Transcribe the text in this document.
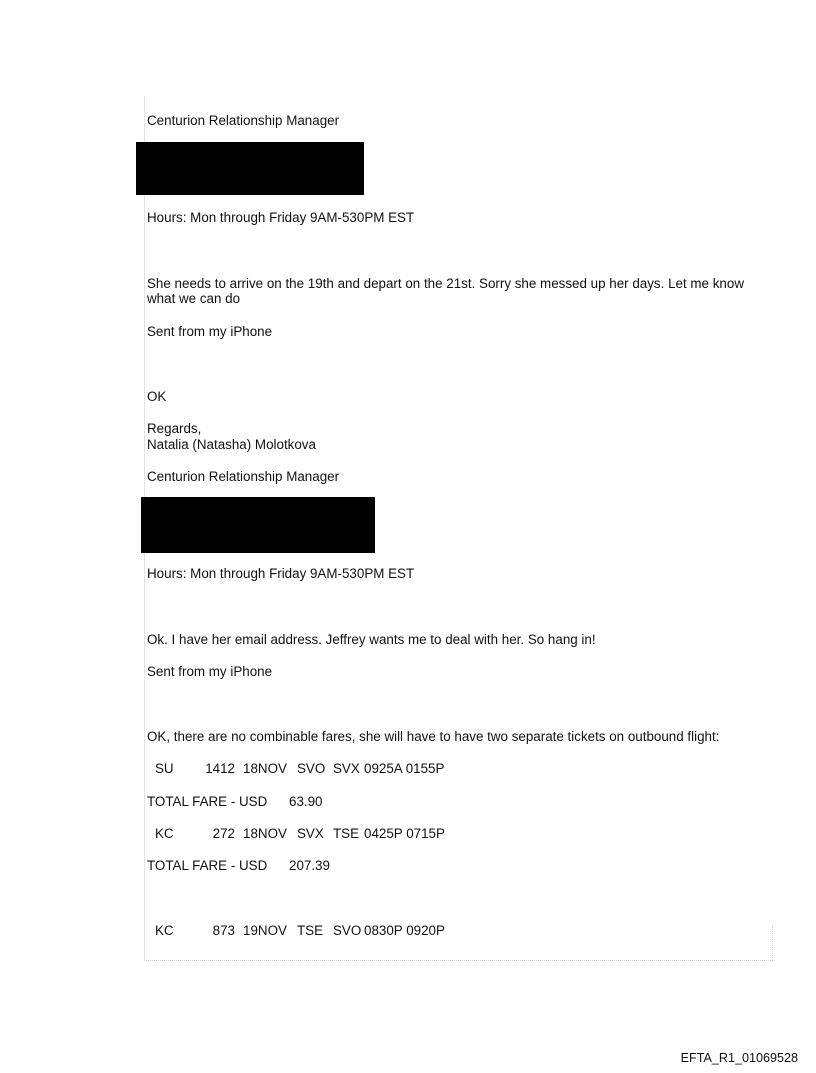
Centurion Relationship Manager
Hours: Mon through Friday 9AM-530PM EST
She needs to arrive on the 19th and depart on the 21st. Sorry she messed up her days. Let me know
what we can do
Sent from my iPhone
OK
Regards,
Natalia (Natasha) Molotkova
Centurion Relationship Manager
Hours: Mon through Friday 9AM-530PM EST
Ok. I have her email address. Jeffrey wants me to deal with her. So hang in!
Sent from my iPhone
OK, there are no combinable fares, she will have to have two separate tickets on outbound flight:
SU 1412 18NOV SVO SVX 0925A 0155P
TOTAL FARE - USD 63.90
KC	272 18NOV SVX TSE 0425P 0715P
TOTAL FARE - USD 207.39
KC	873 19NOV TSE SVO 0830P 0920P
EFTA_R1_01069528
